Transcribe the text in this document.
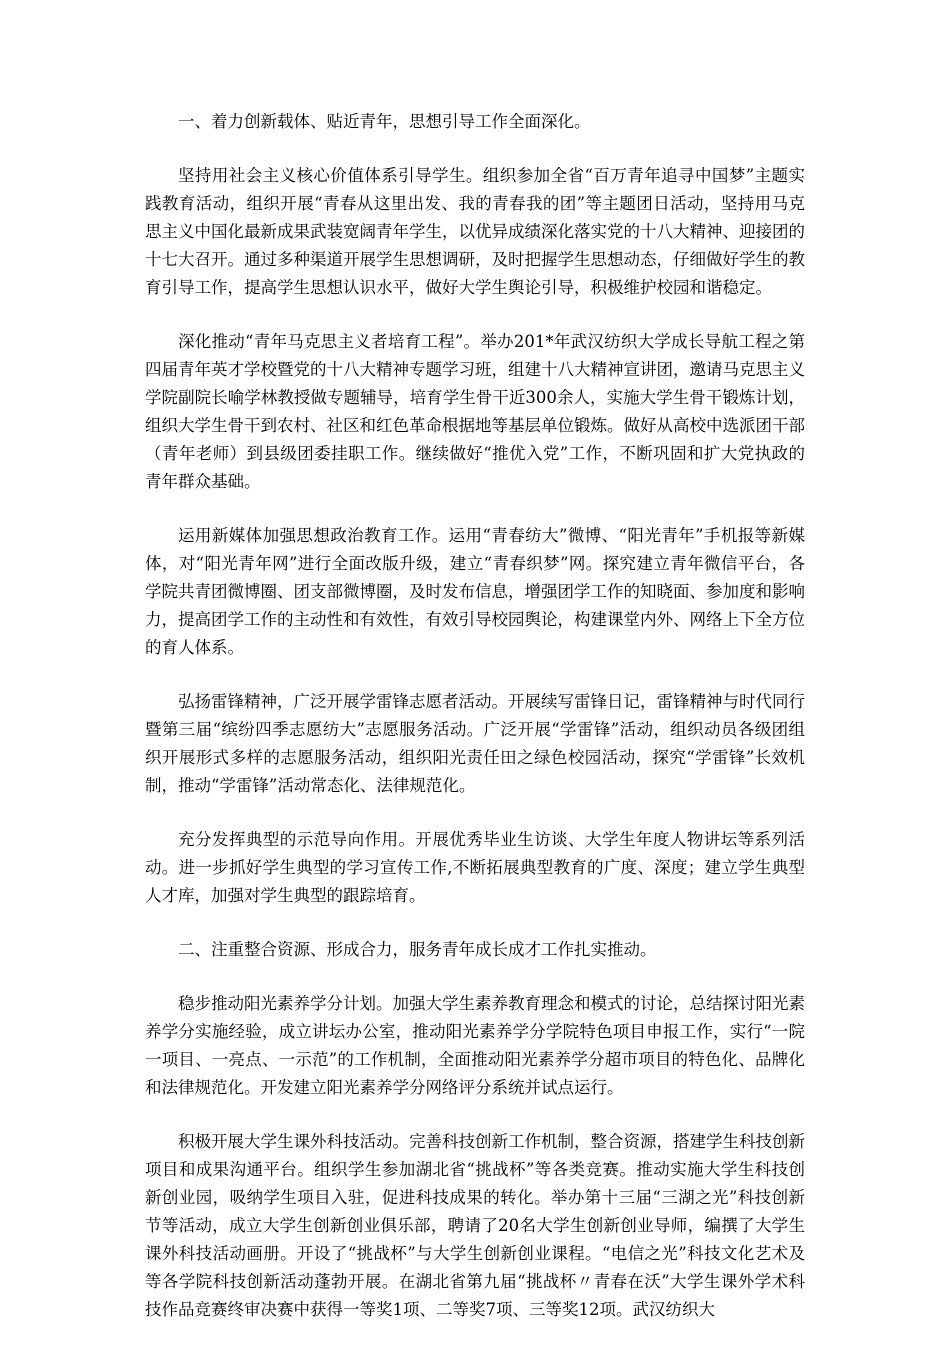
一、着力创新载体、贴近青年，思想引导工作全面深化。

坚持用社会主义核心价值体系引导学生。组织参加全省“百万青年追寻中国梦”主题实践教育活动，组织开展“青春从这里出发、我的青春我的团”等主题团日活动，坚持用马克思主义中国化最新成果武装宽阔青年学生，以优异成绩深化落实党的十八大精神、迎接团的十七大召开。通过多种渠道开展学生思想调研，及时把握学生思想动态，仔细做好学生的教育引导工作，提高学生思想认识水平，做好大学生舆论引导，积极维护校园和谐稳定。

深化推动“青年马克思主义者培育工程”。举办201*年武汉纺织大学成长导航工程之第四届青年英才学校暨党的十八大精神专题学习班，组建十八大精神宣讲团，邀请马克思主义学院副院长喻学林教授做专题辅导，培育学生骨干近300余人，实施大学生骨干锻炼计划，组织大学生骨干到农村、社区和红色革命根据地等基层单位锻炼。做好从高校中选派团干部（青年老师）到县级团委挂职工作。继续做好“推优入党”工作，不断巩固和扩大党执政的青年群众基础。

运用新媒体加强思想政治教育工作。运用“青春纺大”微博、“阳光青年”手机报等新媒体，对“阳光青年网”进行全面改版升级，建立“青春织梦”网。探究建立青年微信平台，各学院共青团微博圈、团支部微博圈，及时发布信息，增强团学工作的知晓面、参加度和影响力，提高团学工作的主动性和有效性，有效引导校园舆论，构建课堂内外、网络上下全方位的育人体系。

弘扬雷锋精神，广泛开展学雷锋志愿者活动。开展续写雷锋日记，雷锋精神与时代同行暨第三届“缤纷四季志愿纺大”志愿服务活动。广泛开展“学雷锋”活动，组织动员各级团组织开展形式多样的志愿服务活动，组织阳光责任田之绿色校园活动，探究“学雷锋”长效机制，推动“学雷锋”活动常态化、法律规范化。

充分发挥典型的示范导向作用。开展优秀毕业生访谈、大学生年度人物讲坛等系列活动。进一步抓好学生典型的学习宣传工作,不断拓展典型教育的广度、深度；建立学生典型人才库，加强对学生典型的跟踪培育。

二、注重整合资源、形成合力，服务青年成长成才工作扎实推动。

稳步推动阳光素养学分计划。加强大学生素养教育理念和模式的讨论，总结探讨阳光素养学分实施经验，成立讲坛办公室，推动阳光素养学分学院特色项目申报工作，实行“一院一项目、一亮点、一示范”的工作机制，全面推动阳光素养学分超市项目的特色化、品牌化和法律规范化。开发建立阳光素养学分网络评分系统并试点运行。

积极开展大学生课外科技活动。完善科技创新工作机制，整合资源，搭建学生科技创新项目和成果沟通平台。组织学生参加湖北省“挑战杯”等各类竞赛。推动实施大学生科技创新创业园，吸纳学生项目入驻，促进科技成果的转化。举办第十三届“三湖之光”科技创新节等活动，成立大学生创新创业俱乐部，聘请了20名大学生创新创业导师，编撰了大学生课外科技活动画册。开设了“挑战杯”与大学生创新创业课程。“电信之光”科技文化艺术及等各学院科技创新活动蓬勃开展。在湖北省第九届“挑战杯〃青春在沃”大学生课外学术科技作品竞赛终审决赛中获得一等奖1项、二等奖7项、三等奖12项。武汉纺织大
